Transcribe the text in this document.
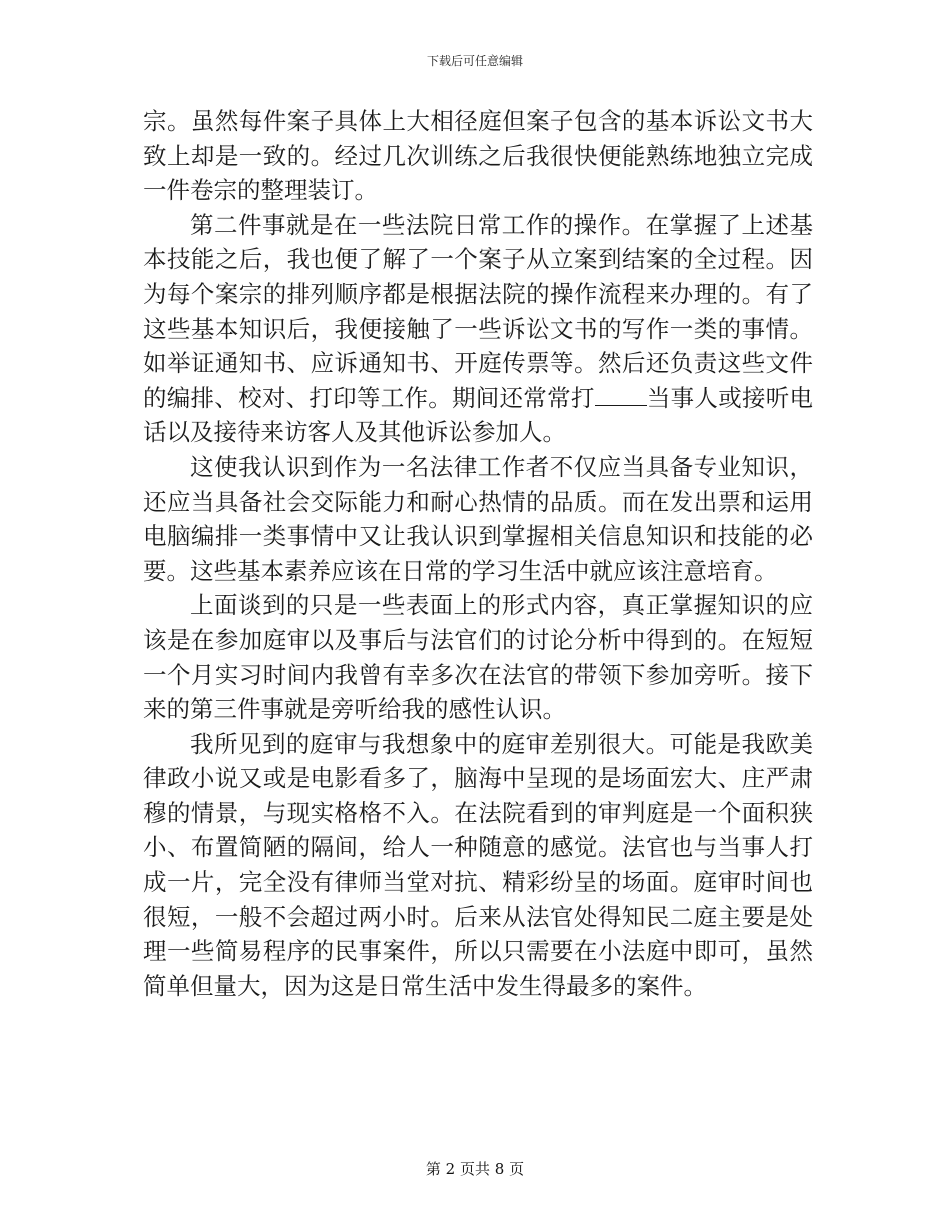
下载后可任意编辑

宗。虽然每件案子具体上大相径庭但案子包含的基本诉讼文书大致上却是一致的。经过几次训练之后我很快便能熟练地独立完成一件卷宗的整理装订。

第二件事就是在一些法院日常工作的操作。在掌握了上述基本技能之后，我也便了解了一个案子从立案到结案的全过程。因为每个案宗的排列顺序都是根据法院的操作流程来办理的。有了这些基本知识后，我便接触了一些诉讼文书的写作一类的事情。如举证通知书、应诉通知书、开庭传票等。然后还负责这些文件的编排、校对、打印等工作。期间还常常打 当事人或接听电话以及接待来访客人及其他诉讼参加人。

这使我认识到作为一名法律工作者不仅应当具备专业知识，还应当具备社会交际能力和耐心热情的品质。而在发出票和运用电脑编排一类事情中又让我认识到掌握相关信息知识和技能的必要。这些基本素养应该在日常的学习生活中就应该注意培育。

上面谈到的只是一些表面上的形式内容，真正掌握知识的应该是在参加庭审以及事后与法官们的讨论分析中得到的。在短短一个月实习时间内我曾有幸多次在法官的带领下参加旁听。接下来的第三件事就是旁听给我的感性认识。

我所见到的庭审与我想象中的庭审差别很大。可能是我欧美律政小说又或是电影看多了，脑海中呈现的是场面宏大、庄严肃穆的情景，与现实格格不入。在法院看到的审判庭是一个面积狭小、布置简陋的隔间，给人一种随意的感觉。法官也与当事人打成一片，完全没有律师当堂对抗、精彩纷呈的场面。庭审时间也很短，一般不会超过两小时。后来从法官处得知民二庭主要是处理一些简易程序的民事案件，所以只需要在小法庭中即可，虽然简单但量大，因为这是日常生活中发生得最多的案件。

第 2 页共 8 页
